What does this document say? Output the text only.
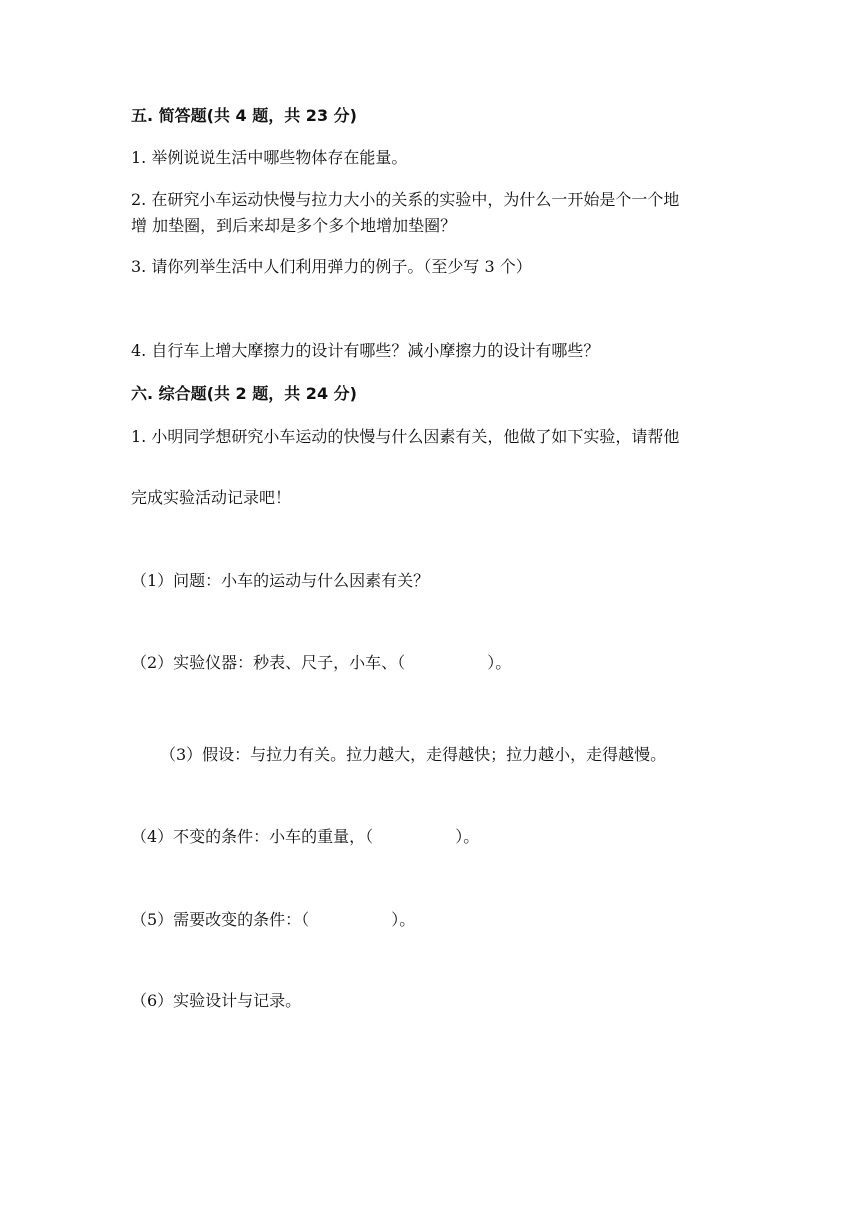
五. 简答题(共 4 题，共 23 分)
1. 举例说说生活中哪些物体存在能量。
2. 在研究小车运动快慢与拉力大小的关系的实验中，为什么一开始是个一个地
增 加垫圈，到后来却是多个多个地增加垫圈？
3. 请你列举生活中人们利用弹力的例子。（至少写 3 个）
4. 自行车上增大摩擦力的设计有哪些？减小摩擦力的设计有哪些？
六. 综合题(共 2 题，共 24 分)
1. 小明同学想研究小车运动的快慢与什么因素有关，他做了如下实验，请帮他
完成实验活动记录吧！
（1）问题：小车的运动与什么因素有关？
（2）实验仪器：秒表、尺子，小车、（	）。
（3）假设：与拉力有关。拉力越大，走得越快；拉力越小，走得越慢。
（4）不变的条件：小车的重量，（	）。
（5）需要改变的条件：（	）。
（6）实验设计与记录。
